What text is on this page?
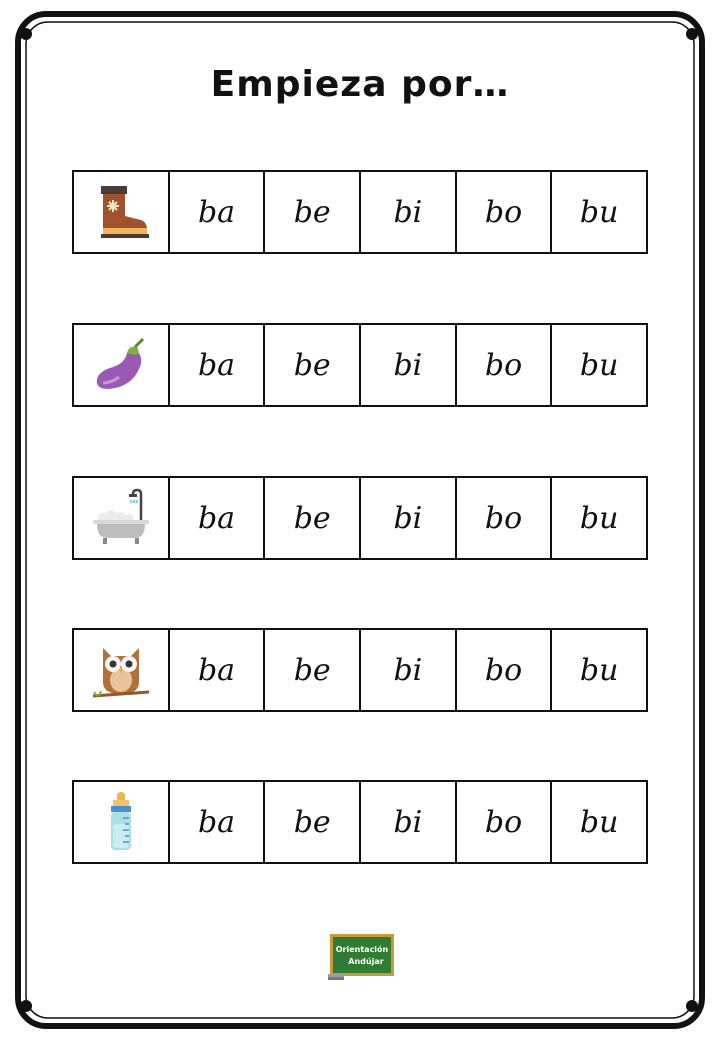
Empieza por…
ba	be	bi	bo	bu
ba	be	bi	bo	bu
ba	be	bi	bo	bu
ba	be	bi	bo	bu
ba	be	bi	bo	bu
Orientación
Andújar
